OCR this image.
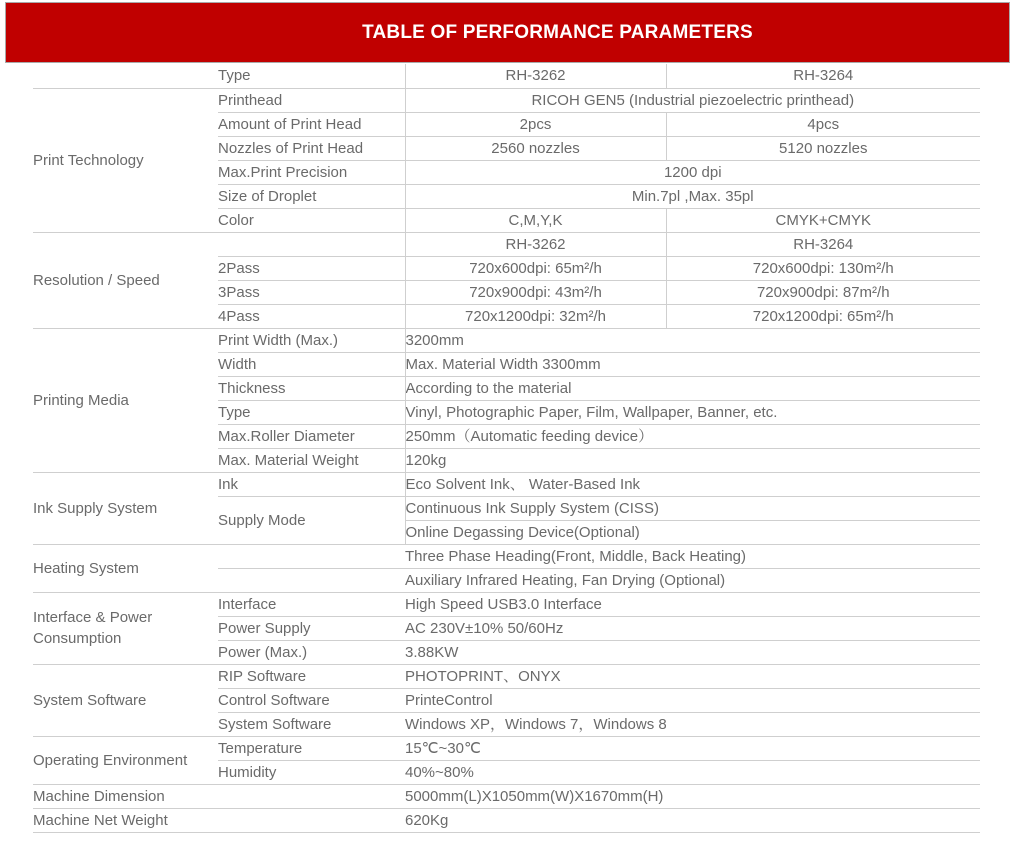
TABLE OF PERFORMANCE PARAMETERS
	Type	RH-3262	RH-3264
Print Technology	Printhead	RICOH GEN5 (Industrial piezoelectric printhead)	
	Amount of Print Head	2pcs	4pcs
	Nozzles of Print Head	2560 nozzles	5120 nozzles
	Max.Print Precision	1200 dpi	
	Size of Droplet	Min.7pl ,Max. 35pl	
	Color	C,M,Y,K	CMYK+CMYK
Resolution / Speed		RH-3262	RH-3264
	2Pass	720x600dpi: 65m²/h	720x600dpi: 130m²/h
	3Pass	720x900dpi: 43m²/h	720x900dpi: 87m²/h
	4Pass	720x1200dpi: 32m²/h	720x1200dpi: 65m²/h
Printing Media	Print Width (Max.)	3200mm	
	Width	Max. Material Width 3300mm	
	Thickness	According to the material	
	Type	Vinyl, Photographic Paper, Film, Wallpaper, Banner, etc.	
	Max.Roller Diameter	250mm（Automatic feeding device）	
	Max. Material Weight	120kg	
Ink Supply System	Ink	Eco Solvent Ink、 Water-Based Ink	
	Supply Mode	Continuous Ink Supply System (CISS)	
		Online Degassing Device(Optional)	
Heating System		Three Phase Heading(Front, Middle, Back Heating)	
		Auxiliary Infrared Heating, Fan Drying (Optional)	
Interface & Power Consumption	Interface	High Speed USB3.0 Interface	
	Power Supply	AC 230V±10% 50/60Hz	
	Power (Max.)	3.88KW	
System Software	RIP Software	PHOTOPRINT、ONYX	
	Control Software	PrinteControl	
	System Software	Windows XP，Windows 7，Windows 8	
Operating Environment	Temperature	15℃~30℃	
	Humidity	40%~80%	
Machine Dimension		5000mm(L)X1050mm(W)X1670mm(H)	
Machine Net Weight		620Kg	
